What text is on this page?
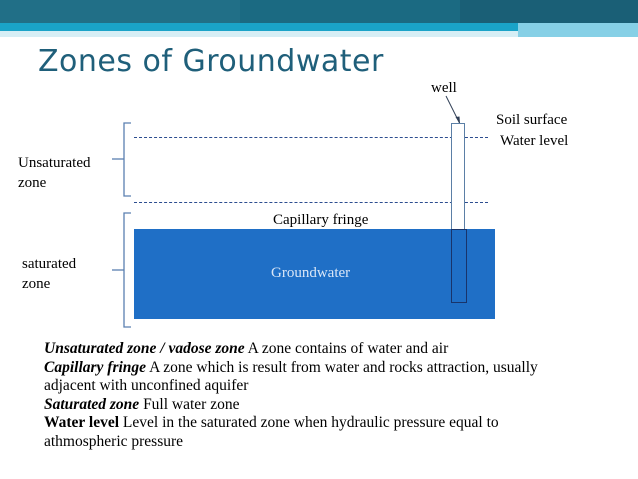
Zones of Groundwater
well
Soil surface
Water level
Unsaturated
zone
Capillary fringe
saturated
zone
Groundwater

Unsaturated zone / vadose zone A zone contains of water and air

Capillary fringe A zone which is result from water and rocks attraction, usually adjacent with unconfined aquifer

Saturated zone Full water zone

Water level Level in the saturated zone when hydraulic pressure equal to athmospheric pressure
